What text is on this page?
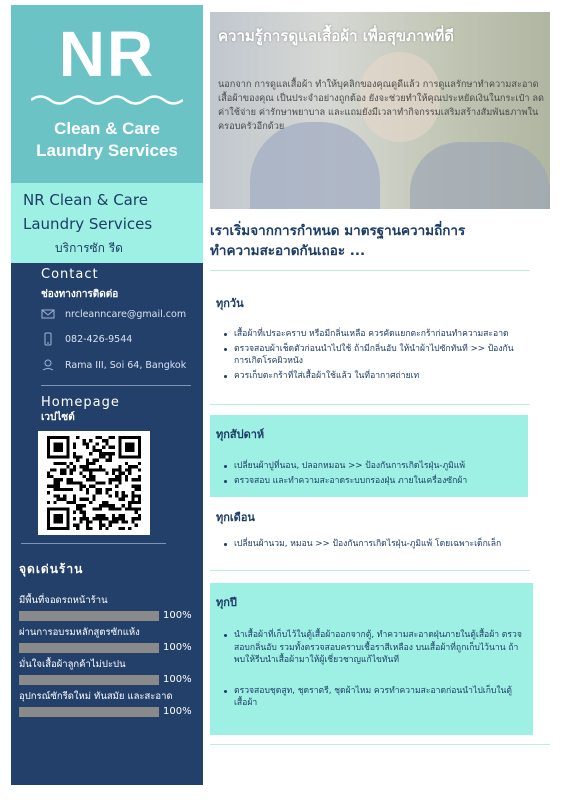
NR
Clean & Care
Laundry Services
NR Clean & Care
Laundry Services
บริการซัก รีด
Contact
ช่องทางการติดต่อ
nrcleanncare@gmail.com
082-426-9544
Rama III, Soi 64, Bangkok
Homepage
เวปไซต์
จุดเด่นร้าน
มีพื้นที่จอดรถหน้าร้าน
100%
ผ่านการอบรมหลักสูตรซักแห้ง
100%
มั่นใจเสื้อผ้าลูกค้าไม่ปะปน
100%
อุปกรณ์ซักรีดใหม่ ทันสมัย และสะอาด
100%
ความรู้การดูแลเสื้อผ้า เพื่อสุขภาพที่ดี
นอกจาก การดูแลเสื้อผ้า ทำให้บุคลิกของคุณดูดีแล้ว การดูแลรักษาทำความสะอาดเสื้อผ้าของคุณ เป็นประจำอย่างถูกต้อง ยังจะช่วยทำให้คุณประหยัดเงินในกระเป๋า ลดค่าใช้จ่าย ค่ารักษาพยาบาล และแถมยังมีเวลาทำกิจกรรมเสริมสร้างสัมพันธภาพในครอบครัวอีกด้วย
เราเริ่มจากการกำหนด มาตรฐานความถี่การ
ทำความสะอาดกันเถอะ ...
ทุกวัน
เสื้อผ้าที่เปรอะคราบ หรือมีกลิ่นเหลือ ควรคัดแยกตะกร้าก่อนทำความสะอาด
ตรวจสอบผ้าเช็ดตัวก่อนนำไปใช้ ถ้ามีกลิ่นอับ ให้นำผ้าไปซักทันที >> ป้องกันการเกิดโรคผิวหนัง
ควรเก็บตะกร้าที่ใส่เสื้อผ้าใช้แล้ว ในที่อากาศถ่ายเท
ทุกสัปดาห์
เปลี่ยนผ้าปูที่นอน, ปลอกหมอน >> ป้องกันการเกิดไรฝุ่น-ภูมิแพ้
ตรวจสอบ และทำความสะอาดระบบกรองฝุ่น ภายในเครื่องซักผ้า
ทุกเดือน
เปลี่ยนผ้านวม, หมอน >> ป้องกันการเกิดไรฝุ่น-ภูมิแพ้ โดยเฉพาะเด็กเล็ก
ทุกปี
นำเสื้อผ้าที่เก็บไว้ในตู้เสื้อผ้าออกจากตู้, ทำความสะอาดฝุ่นภายในตู้เสื้อผ้า ตรวจสอบกลิ่นอับ รวมทั้งตรวจสอบคราบเชื้อราสีเหลือง บนเสื้อผ้าที่ถูกเก็บไว้นาน ถ้าพบให้รีบนำเสื้อผ้ามาให้ผู้เชี่ยวชาญแก้ไขทันที
ตรวจสอบชุดสูท, ชุดราตรี, ชุดผ้าไหม ควรทำความสะอาดก่อนนำไปเก็บในตู้เสื้อผ้า
